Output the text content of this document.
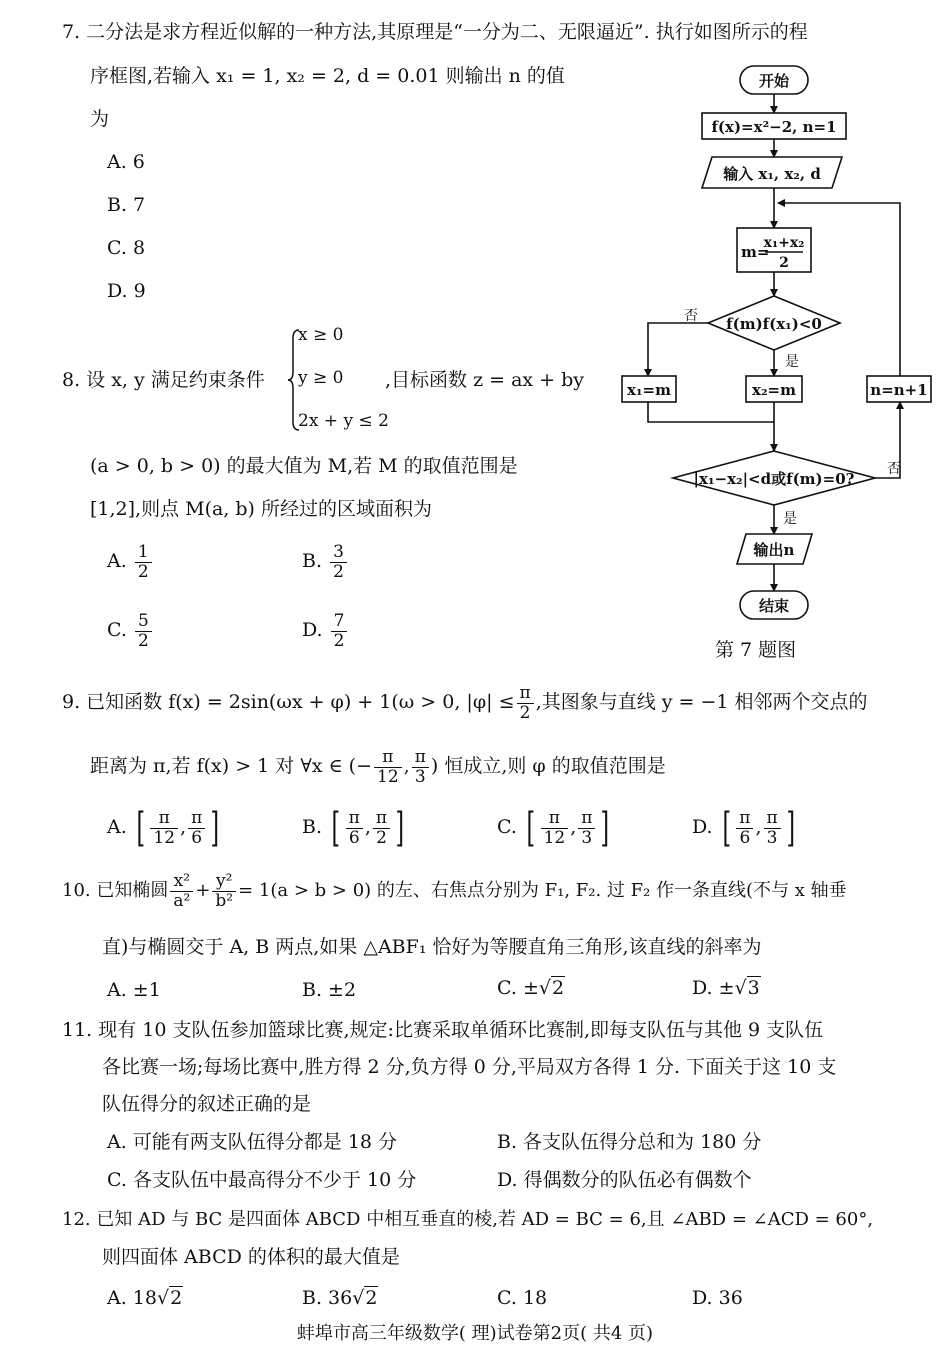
7. 二分法是求方程近似解的一种方法,其原理是“一分为二、无限逼近”. 执行如图所示的程
序框图,若输入 x₁ = 1, x₂ = 2, d = 0.01 则输出 n 的值
为
A. 6
B. 7
C. 8
D. 9
开始
f(x)=x²−2, n=1
输入 x₁, x₂, d
m=
x₁+x₂
2
f(m)f(x₁)<0
否
是
x₁=m	x₂=m	n=n+1
|x₁−x₂|<d或f(m)=0?
否
是
输出n
结束
第 7 题图
8. 设 x, y 满足约束条件
x ≥ 0
y ≥ 0
2x + y ≤ 2
,目标函数 z = ax + by
(a > 0, b > 0) 的最大值为 M,若 M 的取值范围是
[1,2],则点 M(a, b) 所经过的区域面积为
A. $\frac{1}{2}$	B. $\frac{3}{2}$
C. $\frac{5}{2}$	D. $\frac{7}{2}$
9. 已知函数 f(x) = 2sin(ωx + φ) + 1(ω > 0, $|\varphi| \le \frac{\pi}{2}$ ,其图象与直线 y = −1 相邻两个交点的
距离为 π,若 f(x) > 1 对 ∀x ∈ (− $\frac{\pi}{12}$ , $\frac{\pi}{3}$ ) 恒成立,则 φ 的取值范围是
A. [ $\frac{\pi}{12}$ , $\frac{\pi}{6}$ ]	B. [ $\frac{\pi}{6}$ , $\frac{\pi}{2}$ ]	C. [ $\frac{\pi}{12}$ , $\frac{\pi}{3}$ ]	D. [ $\frac{\pi}{6}$ , $\frac{\pi}{3}$ ]
10. 已知椭圆 $\frac{\text{x²}}{\text{a²}} + \frac{\text{y²}}{\text{b²}} = 1(a > b > 0)$ 的左、右焦点分别为 F₁, F₂. 过 F₂ 作一条直线(不与 x 轴垂
直)与椭圆交于 A, B 两点,如果 △ABF₁ 恰好为等腰直角三角形,该直线的斜率为
A. ±1	B. ±2	C. ±√2	D. ±√3
11. 现有 10 支队伍参加篮球比赛,规定:比赛采取单循环比赛制,即每支队伍与其他 9 支队伍
各比赛一场;每场比赛中,胜方得 2 分,负方得 0 分,平局双方各得 1 分. 下面关于这 10 支
队伍得分的叙述正确的是
A. 可能有两支队伍得分都是 18 分	B. 各支队伍得分总和为 180 分
C. 各支队伍中最高得分不少于 10 分	D. 得偶数分的队伍必有偶数个
12. 已知 AD 与 BC 是四面体 ABCD 中相互垂直的棱,若 AD = BC = 6,且 ∠ABD = ∠ACD = 60°,
则四面体 ABCD 的体积的最大值是
A. 18√2	B. 36√2	C. 18	D. 36
蚌埠市高三年级数学( 理)试卷第2页( 共4 页)
